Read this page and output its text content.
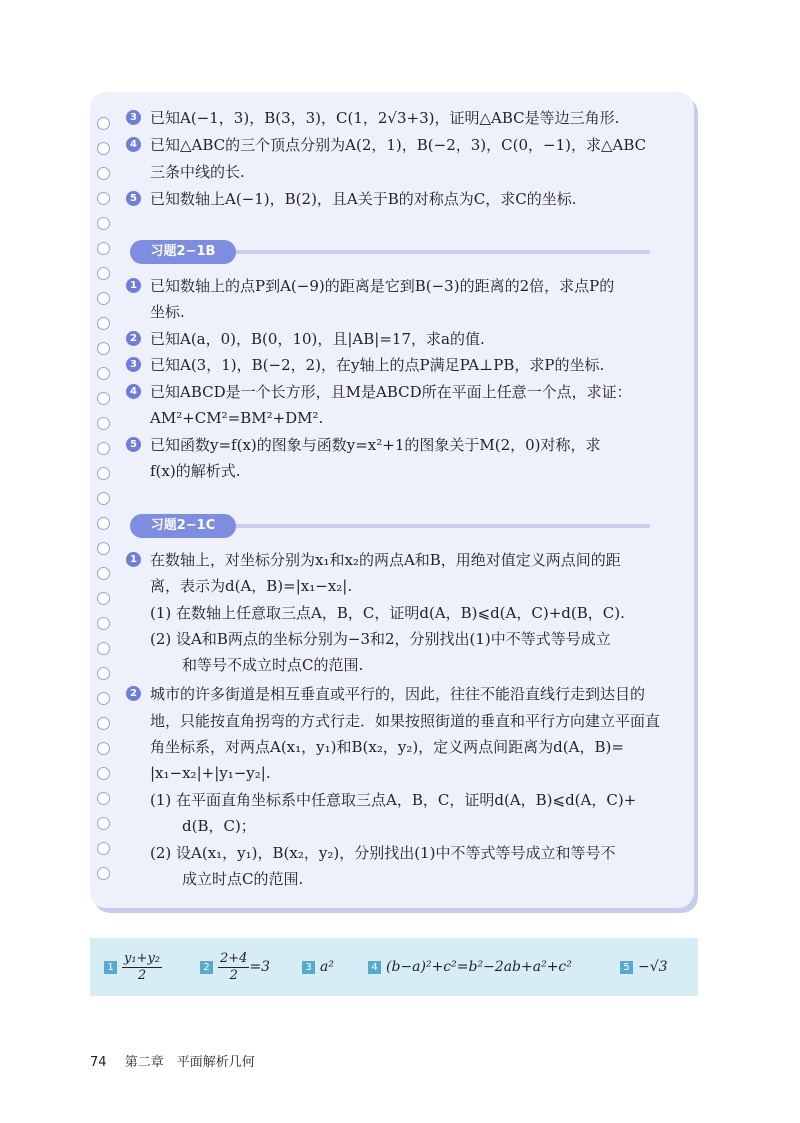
3 已知A(−1，3)，B(3，3)，C(1，2√3+3)，证明△ABC是等边三角形.
4 已知△ABC的三个顶点分别为A(2，1)，B(−2，3)，C(0，−1)，求△ABC
三条中线的长.
5 已知数轴上A(−1)，B(2)，且A关于B的对称点为C，求C的坐标.
习题2−1B
1 已知数轴上的点P到A(−9)的距离是它到B(−3)的距离的2倍，求点P的
坐标.
2 已知A(a，0)，B(0，10)，且|AB|=17，求a的值.
3 已知A(3，1)，B(−2，2)，在y轴上的点P满足PA⊥PB，求P的坐标.
4 已知ABCD是一个长方形，且M是ABCD所在平面上任意一个点，求证：
AM²+CM²=BM²+DM².
5 已知函数y=f(x)的图象与函数y=x²+1的图象关于M(2，0)对称，求
f(x)的解析式.
习题2−1C
1 在数轴上，对坐标分别为x₁和x₂的两点A和B，用绝对值定义两点间的距
离，表示为d(A，B)=|x₁−x₂|.
(1) 在数轴上任意取三点A，B，C，证明d(A，B)⩽d(A，C)+d(B，C).
(2) 设A和B两点的坐标分别为−3和2，分别找出(1)中不等式等号成立
和等号不成立时点C的范围.
2 城市的许多街道是相互垂直或平行的，因此，往往不能沿直线行走到达目的
地，只能按直角拐弯的方式行走．如果按照街道的垂直和平行方向建立平面直
角坐标系，对两点A(x₁，y₁)和B(x₂，y₂)，定义两点间距离为d(A，B)=
|x₁−x₂|+|y₁−y₂|.
(1) 在平面直角坐标系中任意取三点A，B，C，证明d(A，B)⩽d(A，C)+
d(B，C)；
(2) 设A(x₁，y₁)，B(x₂，y₂)，分别找出(1)中不等式等号成立和等号不
成立时点C的范围.
$1 \frac{\text{y₁+y₂}}{2}$	$2 \frac{2+4}{2} =3$	3 a²	4 (b−a)²+c²=b²−2ab+a²+c²	5 −√3
74 第二章　平面解析几何
